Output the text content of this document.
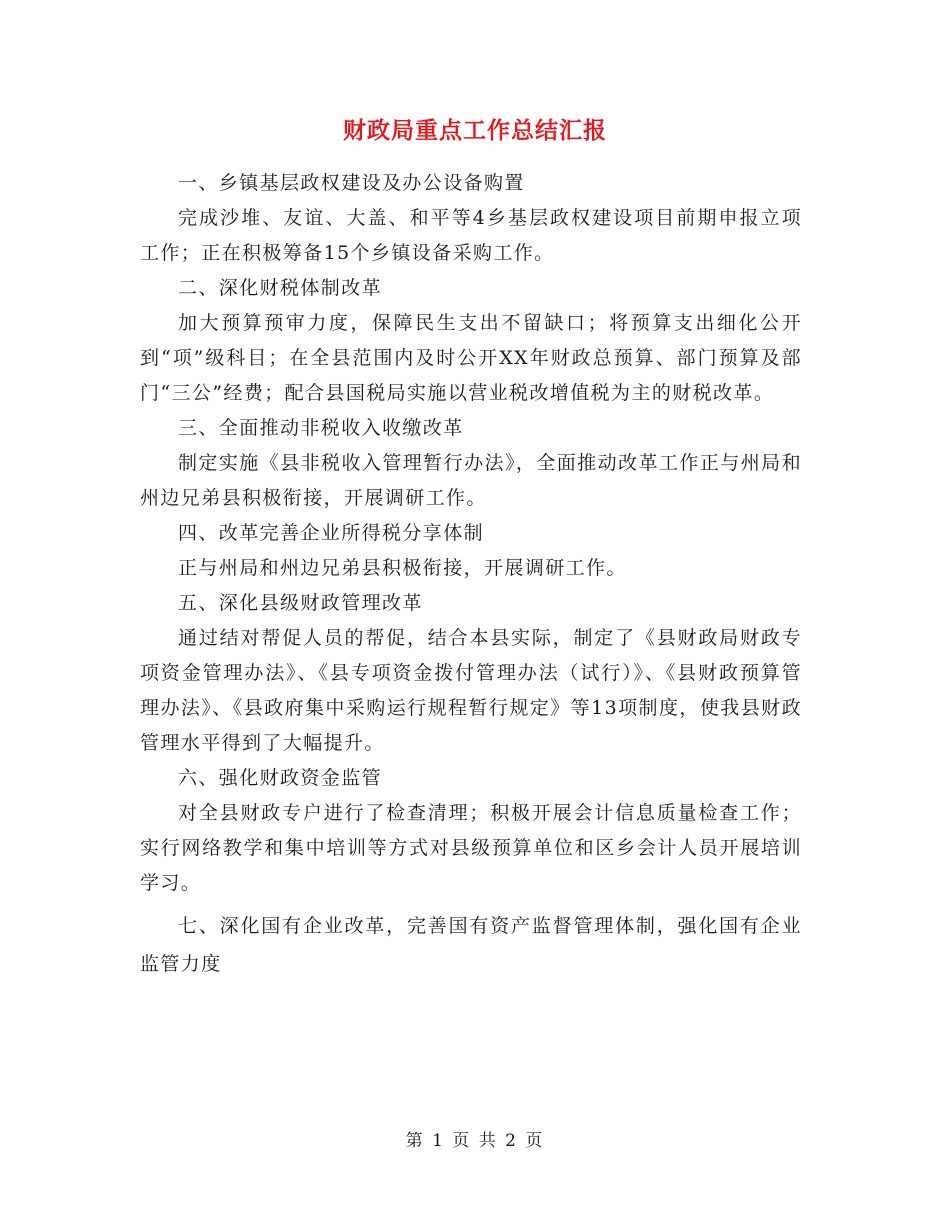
财政局重点工作总结汇报

一、乡镇基层政权建设及办公设备购置

完成沙堆、友谊、大盖、和平等4乡基层政权建设项目前期申报立项工作；正在积极筹备15个乡镇设备采购工作。

二、深化财税体制改革

加大预算预审力度，保障民生支出不留缺口；将预算支出细化公开到“项”级科目；在全县范围内及时公开XX年财政总预算、部门预算及部门“三公”经费；配合县国税局实施以营业税改增值税为主的财税改革。

三、全面推动非税收入收缴改革

制定实施《县非税收入管理暂行办法》，全面推动改革工作正与州局和州边兄弟县积极衔接，开展调研工作。

四、改革完善企业所得税分享体制

正与州局和州边兄弟县积极衔接，开展调研工作。

五、深化县级财政管理改革

通过结对帮促人员的帮促，结合本县实际，制定了《县财政局财政专项资金管理办法》、《县专项资金拨付管理办法（试行）》、《县财政预算管理办法》、《县政府集中采购运行规程暂行规定》等13项制度，使我县财政管理水平得到了大幅提升。

六、强化财政资金监管

对全县财政专户进行了检查清理；积极开展会计信息质量检查工作；实行网络教学和集中培训等方式对县级预算单位和区乡会计人员开展培训学习。

七、深化国有企业改革，完善国有资产监督管理体制，强化国有企业监管力度

第 1 页 共 2 页
